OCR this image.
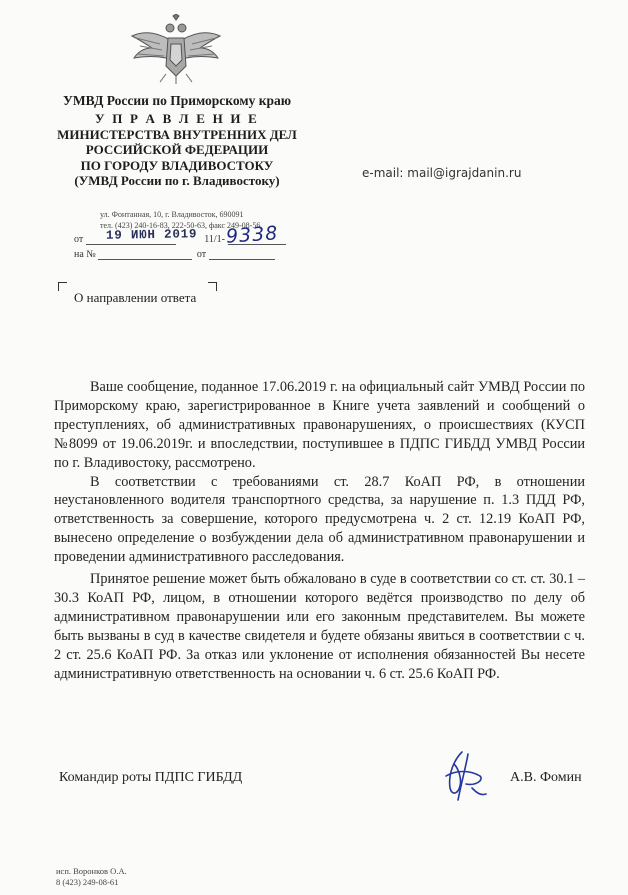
УМВД России по Приморскому краю
У П Р А В Л Е Н И Е
МИНИСТЕРСТВА ВНУТРЕННИХ ДЕЛ
РОССИЙСКОЙ ФЕДЕРАЦИИ
ПО ГОРОДУ ВЛАДИВОСТОКУ
(УМВД России по г. Владивостоку)
ул. Фонтанная, 10, г. Владивосток, 690091
тел. (423) 240-16-83, 222-50-63, факс 249-08-56
от	11/1-
19 ИЮН 2019 9338
на №	от
О направлении ответа
e-mail: mail@igrajdanin.ru

Ваше сообщение, поданное 17.06.2019 г. на официальный сайт УМВД России по Приморскому краю, зарегистрированное в Книге учета заявлений и сообщений о преступлениях, об административных правонарушениях, о происшествиях (КУСП №8099 от 19.06.2019г. и впоследствии, поступившее в ПДПС ГИБДД УМВД России по г. Владивостоку, рассмотрено.

В соответствии с требованиями ст. 28.7 КоАП РФ, в отношении неустановленного водителя транспортного средства, за нарушение п. 1.3 ПДД РФ, ответственность за совершение, которого предусмотрена ч. 2 ст. 12.19 КоАП РФ, вынесено определение о возбуждении дела об административном правонарушении и проведении административного расследования.

Принятое решение может быть обжаловано в суде в соответствии со ст. ст. 30.1 – 30.3 КоАП РФ, лицом, в отношении которого ведётся производство по делу об административном правонарушении или его законным представителем. Вы можете быть вызваны в суд в качестве свидетеля и будете обязаны явиться в соответствии с ч. 2 ст. 25.6 КоАП РФ. За отказ или уклонение от исполнения обязанностей Вы несете административную ответственность на основании ч. 6 ст. 25.6 КоАП РФ.

Командир роты ПДПС ГИБДД	А.В. Фомин
исп. Воронков О.А.
8 (423) 249-08-61
